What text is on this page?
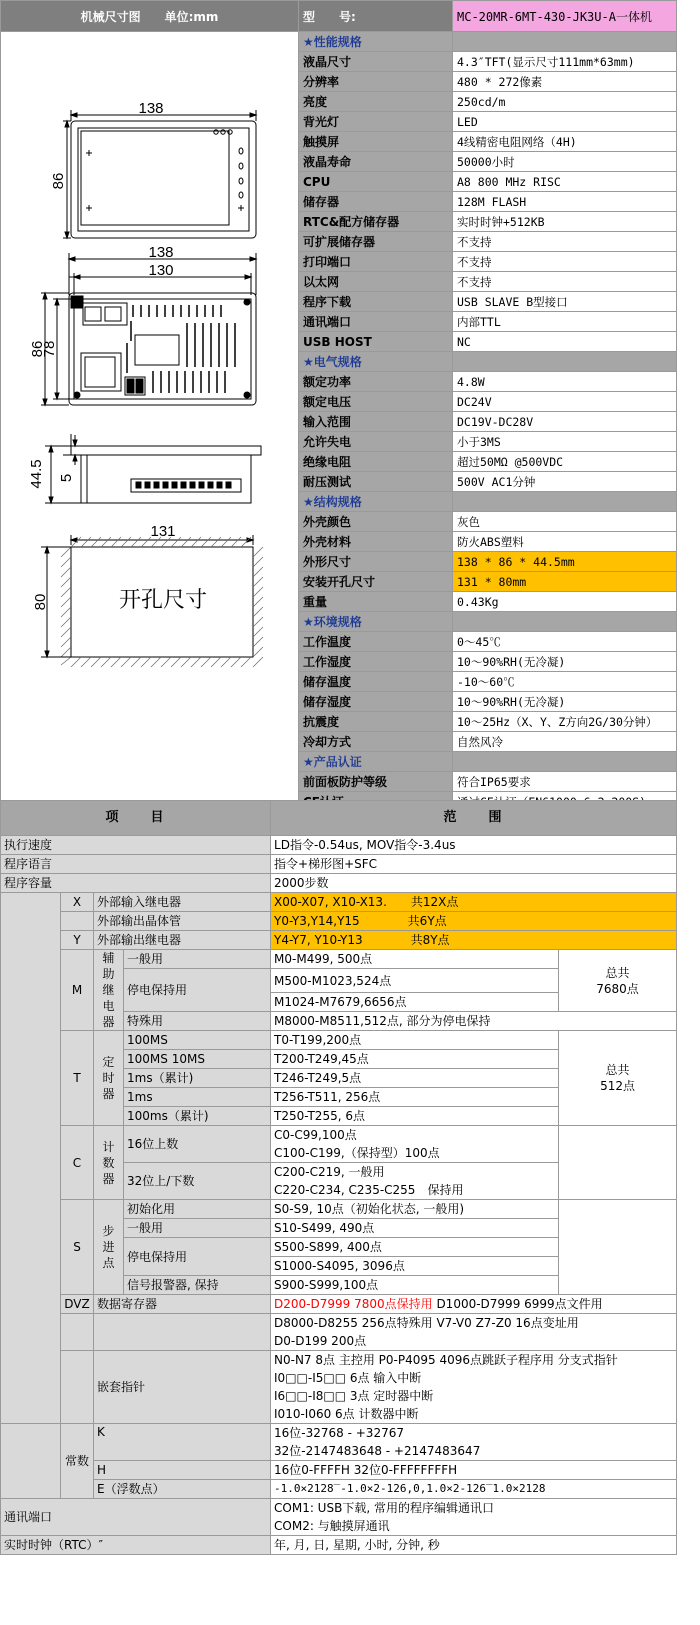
机械尺寸图　　单位:mm	型　　号:	MC-20MR-6MT-430-JK3U-A一体机
	★性能规格	
	液晶尺寸	4.3″TFT(显示尺寸111mm*63mm)
	分辨率	480 * 272像素
	亮度	250cd/m
	背光灯	LED
	触摸屏	4线精密电阻网络（4H)
	液晶寿命	50000小时
	CPU	A8 800 MHz RISC
	储存器	128M FLASH
	RTC&配方储存器	实时时钟+512KB
	可扩展储存器	不支持
	打印端口	不支持
	以太网	不支持
	程序下载	USB SLAVE B型接口
	通讯端口	内部TTL
	USB HOST	NC
	★电气规格	
	额定功率	4.8W
	额定电压	DC24V
	输入范围	DC19V-DC28V
	允许失电	小于3MS
	绝缘电阻	超过50MΩ @500VDC
	耐压测试	500V AC1分钟
	★结构规格	
	外壳颜色	灰色
	外壳材料	防火ABS塑料
	外形尺寸	138 * 86 * 44.5mm
	安装开孔尺寸	131 * 80mm
	重量	0.43Kg
	★环境规格	
	工作温度	0～45℃
	工作湿度	10～90%RH(无冷凝)
	储存温度	-10～60℃
	储存湿度	10～90%RH(无冷凝)
	抗震度	10～25Hz（X、Y、Z方向2G/30分钟）
	冷却方式	自然风冷
	★产品认证	
	前面板防护等级	符合IP65要求

138
86
138
130
86
78
44.5 5
131
80	开孔尺寸
项　　目				范　　围	
执行速度				LD指令-0.54us, MOV指令-3.4us	
程序语言				指令+梯形图+SFC	
程序容量				2000步数	
	X	外部输入继电器		X00-X07, X10-X13.　　共12X点	
		外部输出晶体管		Y0-Y3,Y14,Y15　　　　共6Y点	
	Y	外部输出继电器		Y4-Y7, Y10-Y13　　　　共8Y点	
	M	辅助继电器	一般用	M0-M499, 500点	总共
7680点
			停电保持用	M500-M1023,524点	
				M1024-M7679,6656点	
			特殊用	M8000-M8511,512点, 部分为停电保持	
	T	定时器	100MS	T0-T199,200点	总共
512点
			100MS 10MS	T200-T249,45点	
			1ms（累计)	T246-T249,5点	
			1ms	T256-T511, 256点	
			100ms（累计)	T250-T255, 6点	
	C	计数器	16位上数	C0-C99,100点	
				C100-C199,（保持型）100点	
			32位上/下数	C200-C219, 一般用	
				C220-C234, C235-C255　保持用	
	S	步进点	初始化用	S0-S9, 10点（初始化状态, 一般用)	
			一般用	S10-S499, 490点	
			停电保持用	S500-S899, 400点	
				S1000-S4095, 3096点	
			信号报警器, 保持	S900-S999,100点	
	DVZ	数据寄存器		D200-D7999 7800点保持用 D1000-D7999 6999点文件用	
				D8000-D8255 256点特殊用 V7-V0 Z7-Z0 16点变址用	
				D0-D199 200点	
		嵌套指针		N0-N7 8点 主控用 P0-P4095 4096点跳跃子程序用 分支式指针	
				I0□□-I5□□ 6点 输入中断	
				I6□□-I8□□ 3点 定时器中断	
				I010-I060 6点 计数器中断	
	常数	K		16位-32768 - +32767	
				32位-2147483648 - +2147483647	
		H		16位0-FFFFH 32位0-FFFFFFFFH	
		E（浮数点）		-1.0×2128‾-1.0×2-126,0,1.0×2-126‾1.0×2128	
通讯端口				COM1: USB下载, 常用的程序编辑通讯口	
				COM2: 与触摸屏通讯	
实时时钟（RTC）″				年, 月, 日, 星期, 小时, 分钟, 秒	
